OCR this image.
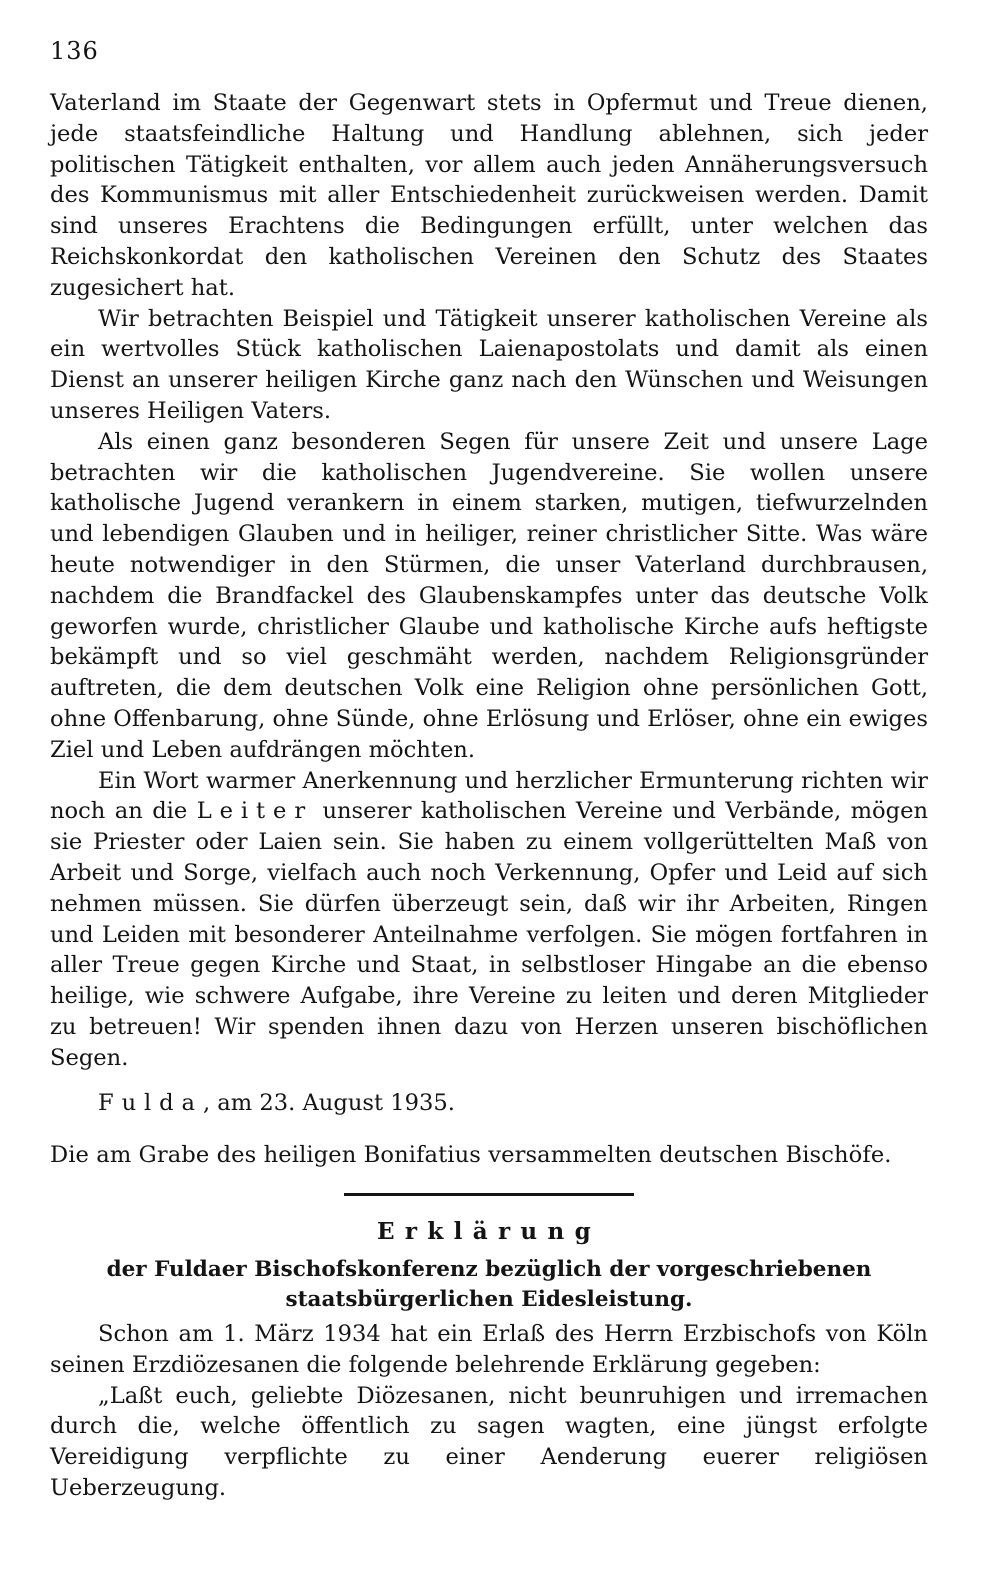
136

Vaterland im Staate der Gegenwart stets in Opfermut und Treue dienen, jede staatsfeindliche Haltung und Handlung ablehnen, sich jeder politischen Tätigkeit enthalten, vor allem auch jeden Annäherungsversuch des Kommunismus mit aller Entschiedenheit zurückweisen werden. Damit sind unseres Erachtens die Bedingungen erfüllt, unter welchen das Reichskonkordat den katholischen Vereinen den Schutz des Staates zugesichert hat.

Wir betrachten Beispiel und Tätigkeit unserer katholischen Vereine als ein wertvolles Stück katholischen Laienapostolats und damit als einen Dienst an unserer heiligen Kirche ganz nach den Wünschen und Weisungen unseres Heiligen Vaters.

Als einen ganz besonderen Segen für unsere Zeit und unsere Lage betrachten wir die katholischen Jugendvereine. Sie wollen unsere katholische Jugend verankern in einem starken, mutigen, tiefwurzelnden und lebendigen Glauben und in heiliger, reiner christlicher Sitte. Was wäre heute notwendiger in den Stürmen, die unser Vaterland durchbrausen, nachdem die Brandfackel des Glaubenskampfes unter das deutsche Volk geworfen wurde, christlicher Glaube und katholische Kirche aufs heftigste bekämpft und so viel geschmäht werden, nachdem Religionsgründer auftreten, die dem deutschen Volk eine Religion ohne persönlichen Gott, ohne Offenbarung, ohne Sünde, ohne Erlösung und Erlöser, ohne ein ewiges Ziel und Leben aufdrängen möchten.

Ein Wort warmer Anerkennung und herzlicher Ermunterung richten wir noch an die Leiter unserer katholischen Vereine und Verbände, mögen sie Priester oder Laien sein. Sie haben zu einem vollgerüttelten Maß von Arbeit und Sorge, vielfach auch noch Verkennung, Opfer und Leid auf sich nehmen müssen. Sie dürfen überzeugt sein, daß wir ihr Arbeiten, Ringen und Leiden mit besonderer Anteilnahme verfolgen. Sie mögen fortfahren in aller Treue gegen Kirche und Staat, in selbstloser Hingabe an die ebenso heilige, wie schwere Aufgabe, ihre Vereine zu leiten und deren Mitglieder zu betreuen! Wir spenden ihnen dazu von Herzen unseren bischöflichen Segen.

Fulda, am 23. August 1935.
Die am Grabe des heiligen Bonifatius versammelten deutschen Bischöfe.
Erklärung
der Fuldaer Bischofskonferenz bezüglich der vorgeschriebenen staatsbürgerlichen Eidesleistung.

Schon am 1. März 1934 hat ein Erlaß des Herrn Erzbischofs von Köln seinen Erzdiözesanen die folgende belehrende Erklärung gegeben:

„Laßt euch, geliebte Diözesanen, nicht beunruhigen und irremachen durch die, welche öffentlich zu sagen wagten, eine jüngst erfolgte Vereidigung verpflichte zu einer Aenderung euerer religiösen Ueberzeugung.
